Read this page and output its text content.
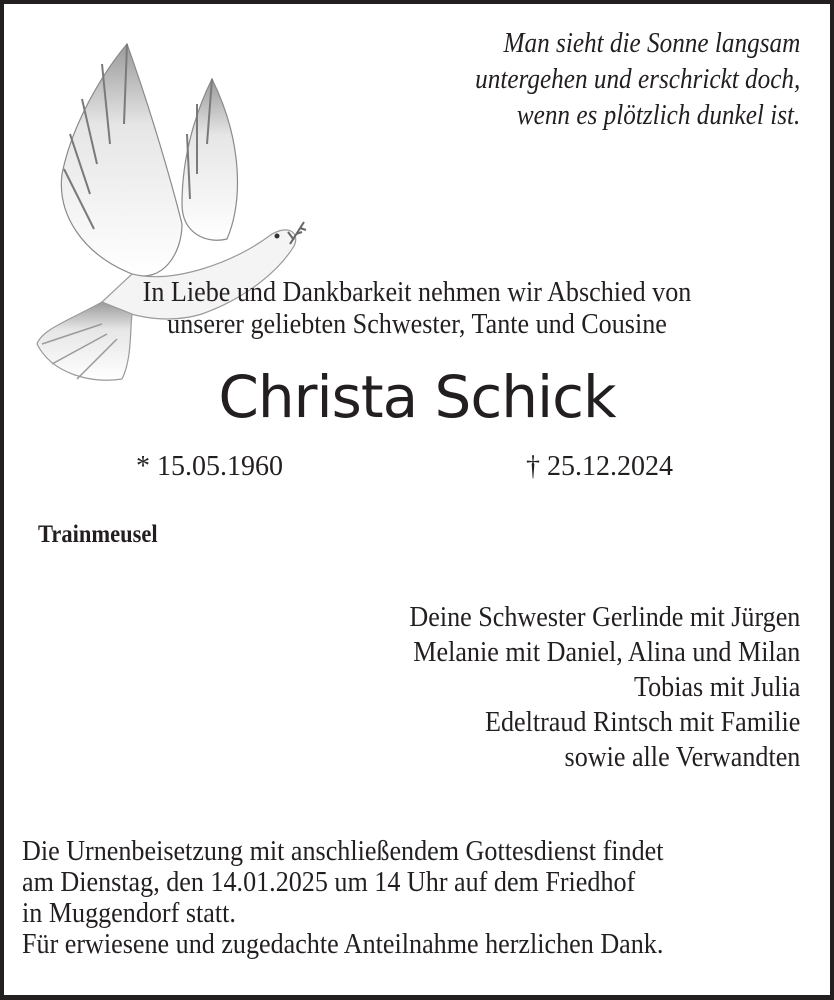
Man sieht die Sonne langsam
untergehen und erschrickt doch,
wenn es plötzlich dunkel ist.
In Liebe und Dankbarkeit nehmen wir Abschied von
unserer geliebten Schwester, Tante und Cousine
Christa Schick
* 15.05.1960	† 25.12.2024
Trainmeusel
Deine Schwester Gerlinde mit Jürgen
Melanie mit Daniel, Alina und Milan
Tobias mit Julia
Edeltraud Rintsch mit Familie
sowie alle Verwandten
Die Urnenbeisetzung mit anschließendem Gottesdienst findet
am Dienstag, den 14.01.2025 um 14 Uhr auf dem Friedhof
in Muggendorf statt.
Für erwiesene und zugedachte Anteilnahme herzlichen Dank.
